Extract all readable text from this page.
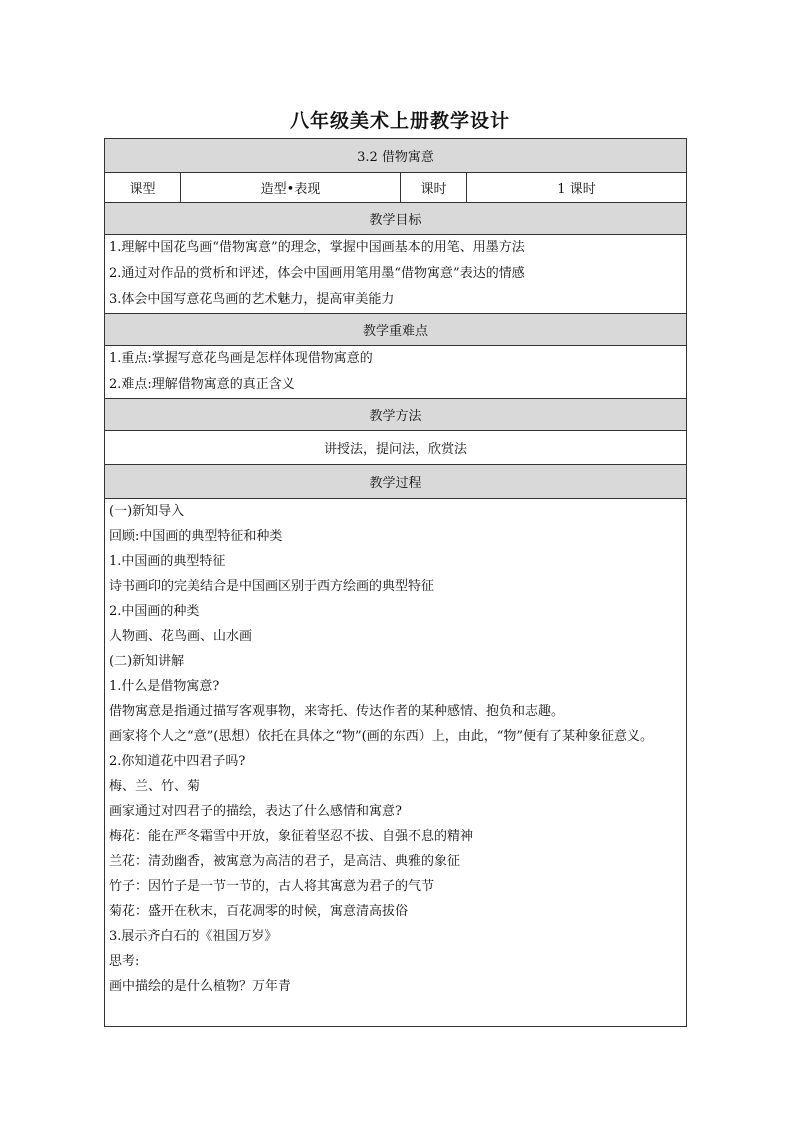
八年级美术上册教学设计
3.2 借物寓意
课型	造型•表现	课时	1 课时
教学目标

1.理解中国花鸟画“借物寓意”的理念，掌握中国画基本的用笔、用墨方法
2.通过对作品的赏析和评述，体会中国画用笔用墨“借物寓意”表达的情感
3.体会中国写意花鸟画的艺术魅力，提高审美能力

教学重难点

1.重点:掌握写意花鸟画是怎样体现借物寓意的
2.难点:理解借物寓意的真正含义

教学方法
讲授法，提问法，欣赏法
教学过程

(一)新知导入
回顾:中国画的典型特征和种类
1.中国画的典型特征
诗书画印的完美结合是中国画区别于西方绘画的典型特征
2.中国画的种类
人物画、花鸟画、山水画
(二)新知讲解
1.什么是借物寓意?
借物寓意是指通过描写客观事物，来寄托、传达作者的某种感情、抱负和志趣。
画家将个人之“意”(思想）依托在具体之“物”(画的东西）上，由此，“物”便有了某种象征意义。
2.你知道花中四君子吗?
梅、兰、竹、菊
画家通过对四君子的描绘，表达了什么感情和寓意?
梅花：能在严冬霜雪中开放，象征着坚忍不拔、自强不息的精神
兰花：清劲幽香，被寓意为高洁的君子，是高洁、典雅的象征
竹子：因竹子是一节一节的，古人将其寓意为君子的气节
菊花：盛开在秋末，百花凋零的时候，寓意清高拔俗
3.展示齐白石的《祖国万岁》
思考:
画中描绘的是什么植物？万年青
